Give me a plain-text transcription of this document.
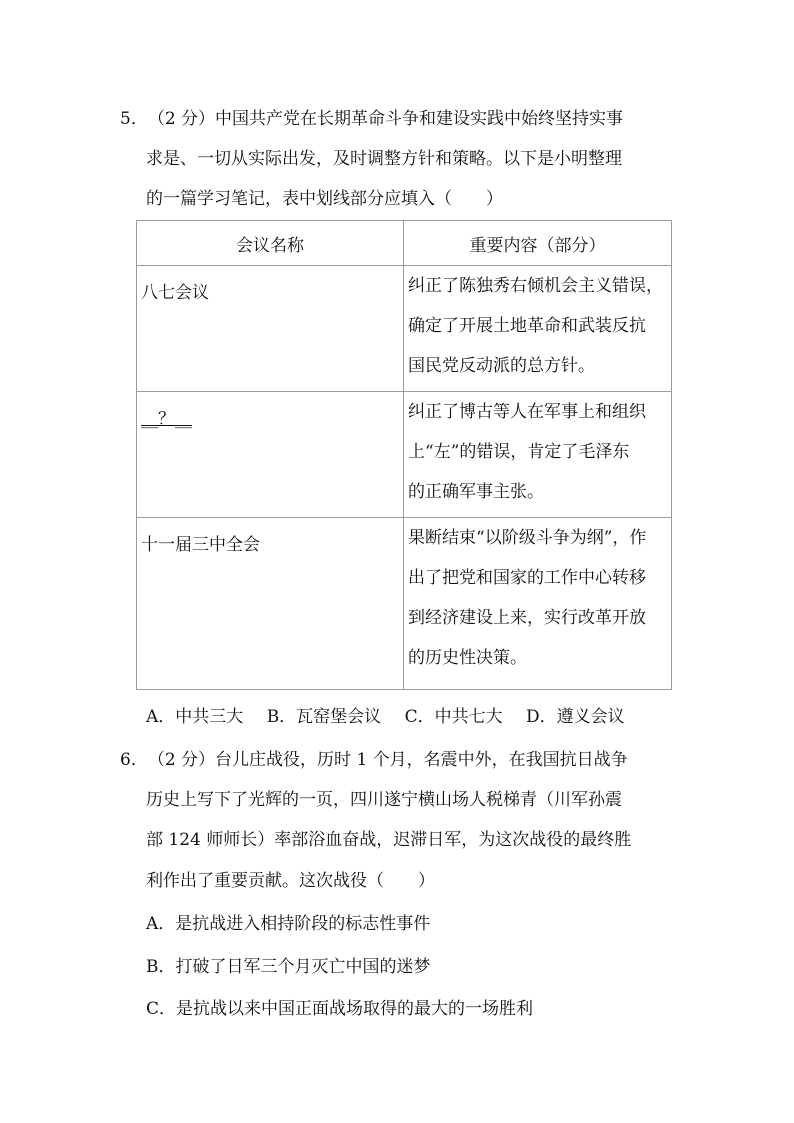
5．（2 分）中国共产党在长期革命斗争和建设实践中始终坚持实事
求是、一切从实际出发，及时调整方针和策略。以下是小明整理
的一篇学习笔记，表中划线部分应填入（　　）
会议名称	重要内容（部分）
八七会议	纠正了陈独秀右倾机会主义错误，
确定了开展土地革命和武装反抗
国民党反动派的总方针。

__？__	纠正了博古等人在军事上和组织
上“左”的错误，肯定了毛泽东
的正确军事主张。

十一届三中全会	果断结束“以阶级斗争为纲”，作
出了把党和国家的工作中心转移
到经济建设上来，实行改革开放
的历史性决策。
A．中共三大 B．瓦窑堡会议 C．中共七大 D．遵义会议
6．（2 分）台儿庄战役，历时 1 个月，名震中外，在我国抗日战争
历史上写下了光辉的一页，四川遂宁横山场人税梯青（川军孙震
部 124 师师长）率部浴血奋战，迟滞日军，为这次战役的最终胜
利作出了重要贡献。这次战役（　　）
A．是抗战进入相持阶段的标志性事件
B．打破了日军三个月灭亡中国的迷梦
C．是抗战以来中国正面战场取得的最大的一场胜利
